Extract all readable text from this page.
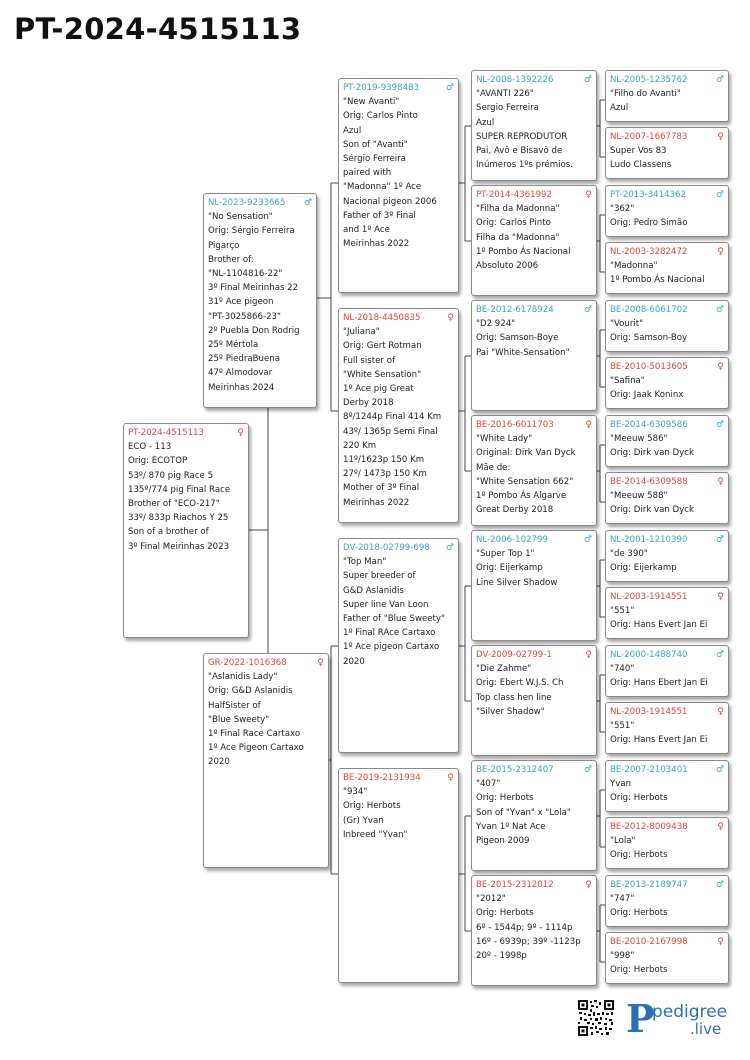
PT-2024-4515113
PT-2024-4515113	♀
ECO - 113
Orig: ECOTOP
53º/ 870 pig Race 5
135º/774 pig Final Race
Brother of "ECO-217"
33º/ 833p Riachos Y 25
Son of a brother of
3º Final Meirinhas 2023
NL-2023-9233665	♂
"No Sensation"
Orig: Sérgio Ferreira
Pigarço
Brother of:
"NL-1104816-22"
3º Final Meirinhas 22
31º Ace pigeon
"PT-3025866-23"
2º Puebla Don Rodrig
25º Mértola
25º PiedraBuena
47º Almodovar
Meirinhas 2024
GR-2022-1016368	♀
"Aslanidis Lady"
Orig: G&D Aslanidis
HalfSister of
"Blue Sweety"
1º Final Race Cartaxo
1º Ace Pigeon Cartaxo
2020
PT-2019-9398483	♂
"New Avanti"
Orig: Carlos Pinto
Azul
Son of "Avanti"
Sérgio Ferreira
paired with
"Madonna" 1º Ace
Nacional pigeon 2006
Father of 3º Final
and 1º Ace
Meirinhas 2022
NL-2018-4450835	♀
"Juliana"
Orig: Gert Rotman
Full sister of
"White Sensation"
1º Ace pig Great
Derby 2018
8º/1244p Final 414 Km
43º/ 1365p Semi Final
220 Km
11º/1623p 150 Km
27º/ 1473p 150 Km
Mother of 3º Final
Meirinhas 2022
DV-2018-02799-698	♂
"Top Man"
Super breeder of
G&D Aslanidis
Super line Van Loon
Father of "Blue Sweety"
1º Final RAce Cartaxo
1º Ace pigeon Cartaxo
2020
BE-2019-2131934	♀
"934"
Orig: Herbots
(Gr) Yvan
Inbreed "Yvan"
NL-2008-1392226	♂
"AVANTI 226"
Sergio Ferreira
Azul
SUPER REPRODUTOR
Pai, Avô e Bisavô de
Inúmeros 1ºs prémios.
PT-2014-4361992	♀
"Filha da Madonna"
Orig: Carlos Pinto
Filha da "Madonna"
1º Pombo Ás Nacional
Absoluto 2006
BE-2012-6178924	♂
"D2 924"
Orig: Samson-Boye
Pai "White-Sensation"
BE-2016-6011703	♀
"White Lady"
Original: Dirk Van Dyck
Mãe de:
"White Sensation 662"
1º Pombo Ás Algarve
Great Derby 2018
NL-2006-102799	♂
"Super Top 1"
Orig: Eijerkamp
Line Silver Shadow
DV-2009-02799-1	♀
"Die Zahme"
Orig: Ebert W.J.S. Ch
Top class hen line
"Silver Shadow"
BE-2015-2312407	♂
"407"
Orig: Herbots
Son of "Yvan" x "Lola"
Yvan 1º Nat Ace
Pigeon 2009
BE-2015-2312012	♀
"2012"
Orig: Herbots
6º - 1544p; 9º - 1114p
16º - 6939p; 39º -1123p
20º - 1998p
NL-2005-1235762	♂
"Filho do Avanti"
Azul
NL-2007-1667783	♀
Super Vos 83
Ludo Classens
PT-2013-3414362	♂
"362"
Orig: Pedro Simão
NL-2003-3282472	♀
"Madonna"
1º Pombo Ás Nacional
BE-2008-6061702	♂
"Vourit"
Orig: Samson-Boy
BE-2010-5013605	♀
"Safina"
Orig: Jaak Koninx
BE-2014-6309586	♂
"Meeuw 586"
Orig: Dirk van Dyck
BE-2014-6309588	♀
"Meeuw 588"
Orig: Dirk van Dyck
NL-2001-1210390	♂
"de 390"
Orig: Eijerkamp
NL-2003-1914551	♀
"551"
Orig: Hans Evert Jan Ei
NL-2000-1488740	♂
"740"
Orig: Hans Ebert Jan Ei
NL-2003-1914551	♀
"551"
Orig: Hans Evert Jan Ei
BE-2007-2103401	♂
Yvan
Orig: Herbots
BE-2012-8009438	♀
"Lola"
Orig: Herbots
BE-2013-2189747	♂
"747"
Orig: Herbots
BE-2010-2167998	♀
"998"
Orig: Herbots
P
pedigree
.live
